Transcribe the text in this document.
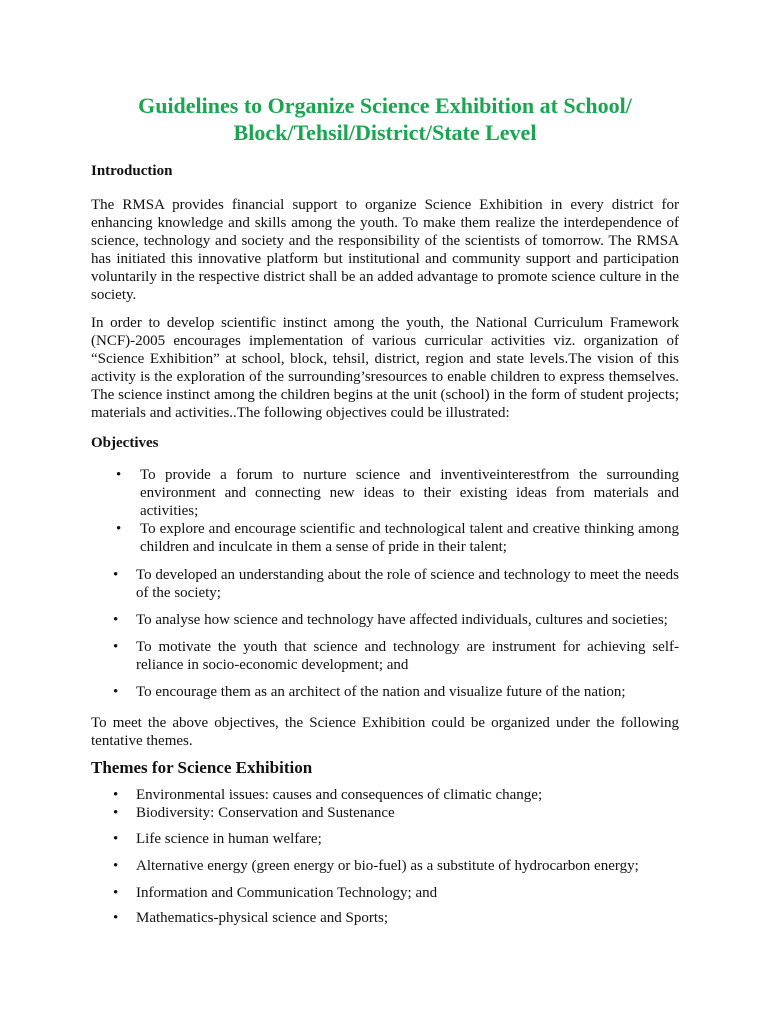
Guidelines to Organize Science Exhibition at School/
Block/Tehsil/District/State Level
Introduction

The RMSA provides financial support to organize Science Exhibition in every district for enhancing knowledge and skills among the youth. To make them realize the interdependence of science, technology and society and the responsibility of the scientists of tomorrow. The RMSA has initiated this innovative platform but institutional and community support and participation voluntarily in the respective district shall be an added advantage to promote science culture in the society.

In order to develop scientific instinct among the youth, the National Curriculum Framework (NCF)-2005 encourages implementation of various curricular activities viz. organization of “Science Exhibition” at school, block, tehsil, district, region and state levels.The vision of this activity is the exploration of the surrounding’sresources to enable children to express themselves. The science instinct among the children begins at the unit (school) in the form of student projects; materials and activities..The following objectives could be illustrated:

Objectives
• To provide a forum to nurture science and inventiveinterestfrom the surrounding environment and connecting new ideas to their existing ideas from materials and activities;
• To explore and encourage scientific and technological talent and creative thinking among children and inculcate in them a sense of pride in their talent;
• To developed an understanding about the role of science and technology to meet the needs of the society;
• To analyse how science and technology have affected individuals, cultures and societies;
• To motivate the youth that science and technology are instrument for achieving self-reliance in socio-economic development; and
• To encourage them as an architect of the nation and visualize future of the nation;

To meet the above objectives, the Science Exhibition could be organized under the following tentative themes.

Themes for Science Exhibition
• Environmental issues: causes and consequences of climatic change;
• Biodiversity: Conservation and Sustenance
• Life science in human welfare;
• Alternative energy (green energy or bio-fuel) as a substitute of hydrocarbon energy;
• Information and Communication Technology; and
• Mathematics-physical science and Sports;
